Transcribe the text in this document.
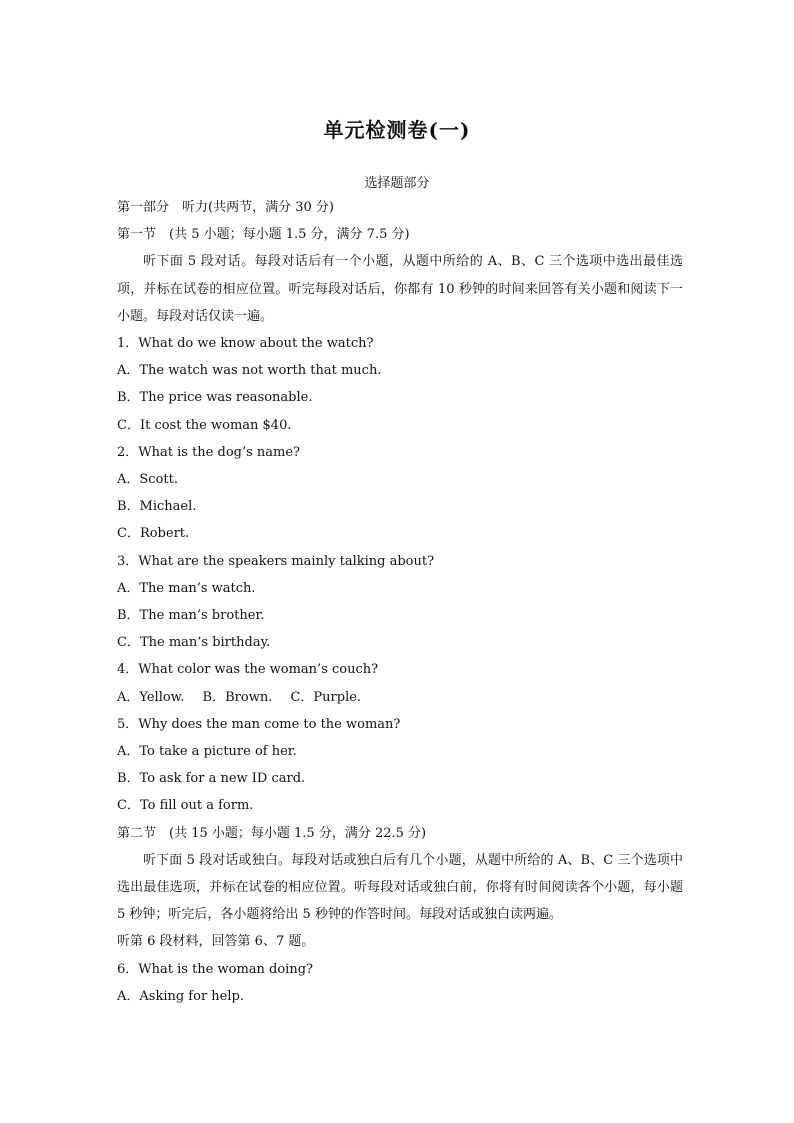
单元检测卷(一)
选择题部分
第一部分　听力(共两节，满分 30 分)
第一节　(共 5 小题；每小题 1.5 分，满分 7.5 分)
听下面 5 段对话。每段对话后有一个小题，从题中所给的 A、B、C 三个选项中选出最佳选项，并标在试卷的相应位置。听完每段对话后，你都有 10 秒钟的时间来回答有关小题和阅读下一小题。每段对话仅读一遍。
1．What do we know about the watch?
A．The watch was not worth that much.
B．The price was reasonable.
C．It cost the woman $40.
2．What is the dog’s name?
A．Scott.
B．Michael.
C．Robert.
3．What are the speakers mainly talking about?
A．The man’s watch.
B．The man’s brother.
C．The man’s birthday.
4．What color was the woman’s couch?
A．Yellow. B．Brown. C．Purple.
5．Why does the man come to the woman?
A．To take a picture of her.
B．To ask for a new ID card.
C．To fill out a form.
第二节　(共 15 小题；每小题 1.5 分，满分 22.5 分)
听下面 5 段对话或独白。每段对话或独白后有几个小题，从题中所给的 A、B、C 三个选项中选出最佳选项，并标在试卷的相应位置。听每段对话或独白前，你将有时间阅读各个小题，每小题 5 秒钟；听完后，各小题将给出 5 秒钟的作答时间。每段对话或独白读两遍。
听第 6 段材料，回答第 6、7 题。
6．What is the woman doing?
A．Asking for help.
